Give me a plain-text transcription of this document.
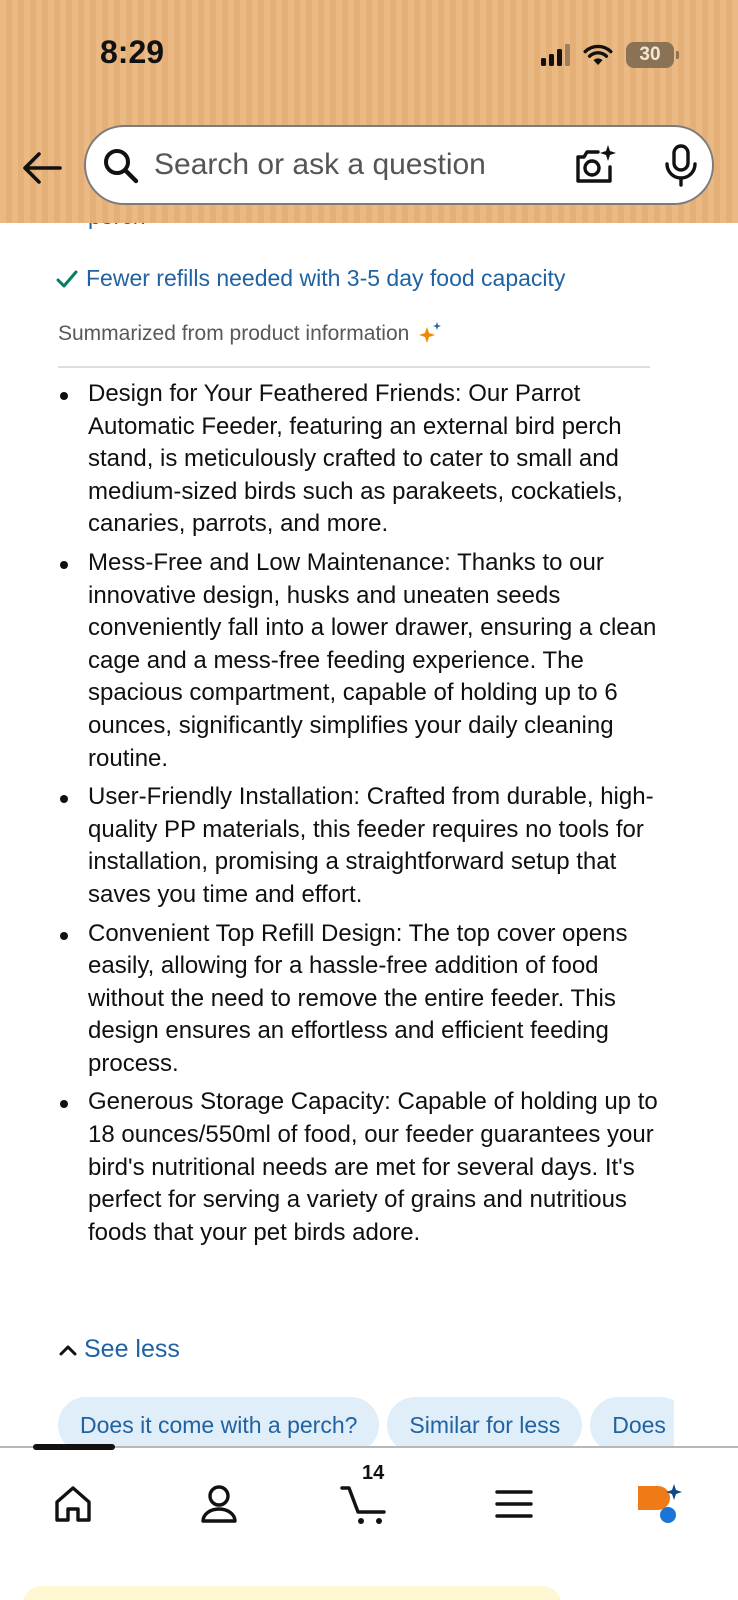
8:29	30
Search or ask a question
Fewer refills needed with 3-5 day food capacity
Summarized from product information
Design for Your Feathered Friends: Our Parrot Automatic Feeder, featuring an external bird perch stand, is meticulously crafted to cater to small and medium-sized birds such as parakeets, cockatiels, canaries, parrots, and more.
Mess-Free and Low Maintenance: Thanks to our innovative design, husks and uneaten seeds conveniently fall into a lower drawer, ensuring a clean cage and a mess-free feeding experience. The spacious compartment, capable of holding up to 6 ounces, significantly simplifies your daily cleaning routine.
User-Friendly Installation: Crafted from durable, high-quality PP materials, this feeder requires no tools for installation, promising a straightforward setup that saves you time and effort.
Convenient Top Refill Design: The top cover opens easily, allowing for a hassle-free addition of food without the need to remove the entire feeder. This design ensures an effortless and efficient feeding process.
Generous Storage Capacity: Capable of holding up to 18 ounces/550ml of food, our feeder guarantees your bird's nutritional needs are met for several days. It's perfect for serving a variety of grains and nutritious foods that your pet birds adore.
See less
Does it come with a perch? Similar for less Does
14
